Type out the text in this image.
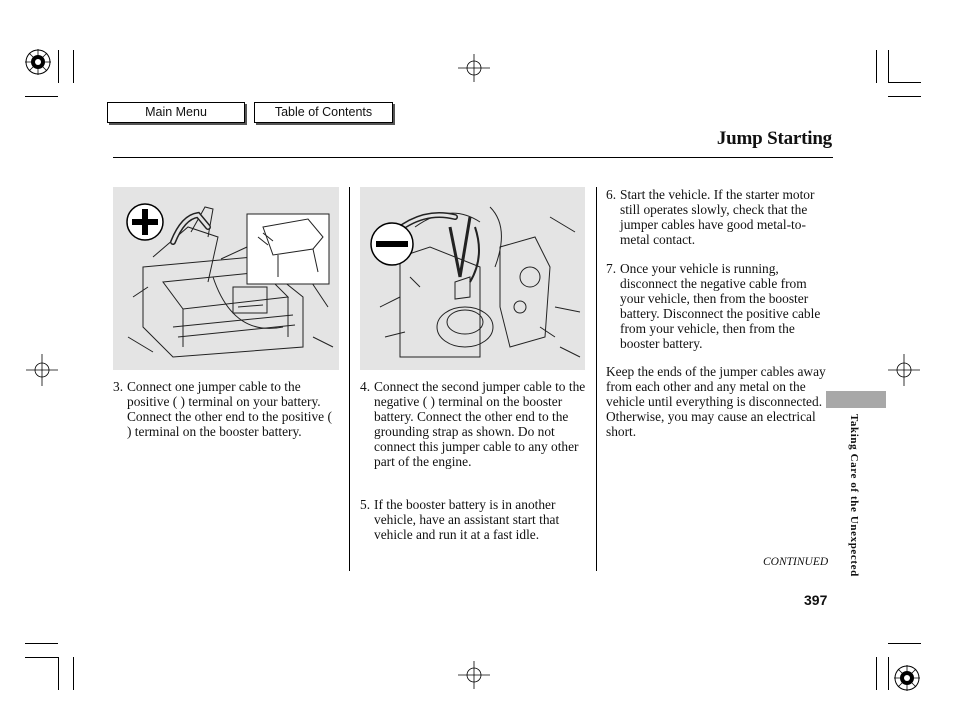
Main Menu	Table of Contents
Jump Starting
3. Connect one jumper cable to the positive ( ) terminal on your battery. Connect the other end to the positive ( ) terminal on the booster battery.
4. Connect the second jumper cable to the negative ( ) terminal on the booster battery. Connect the other end to the grounding strap as shown. Do not connect this jumper cable to any other part of the engine.
5. If the booster battery is in another vehicle, have an assistant start that vehicle and run it at a fast idle.
6. Start the vehicle. If the starter motor still operates slowly, check that the jumper cables have good metal-to-metal contact.
7. Once your vehicle is running, disconnect the negative cable from your vehicle, then from the booster battery. Disconnect the positive cable from your vehicle, then from the booster battery.
Keep the ends of the jumper cables away from each other and any metal on the vehicle until everything is disconnected. Otherwise, you may cause an electrical short.	Taking Care of the Unexpected
CONTINUED
397
